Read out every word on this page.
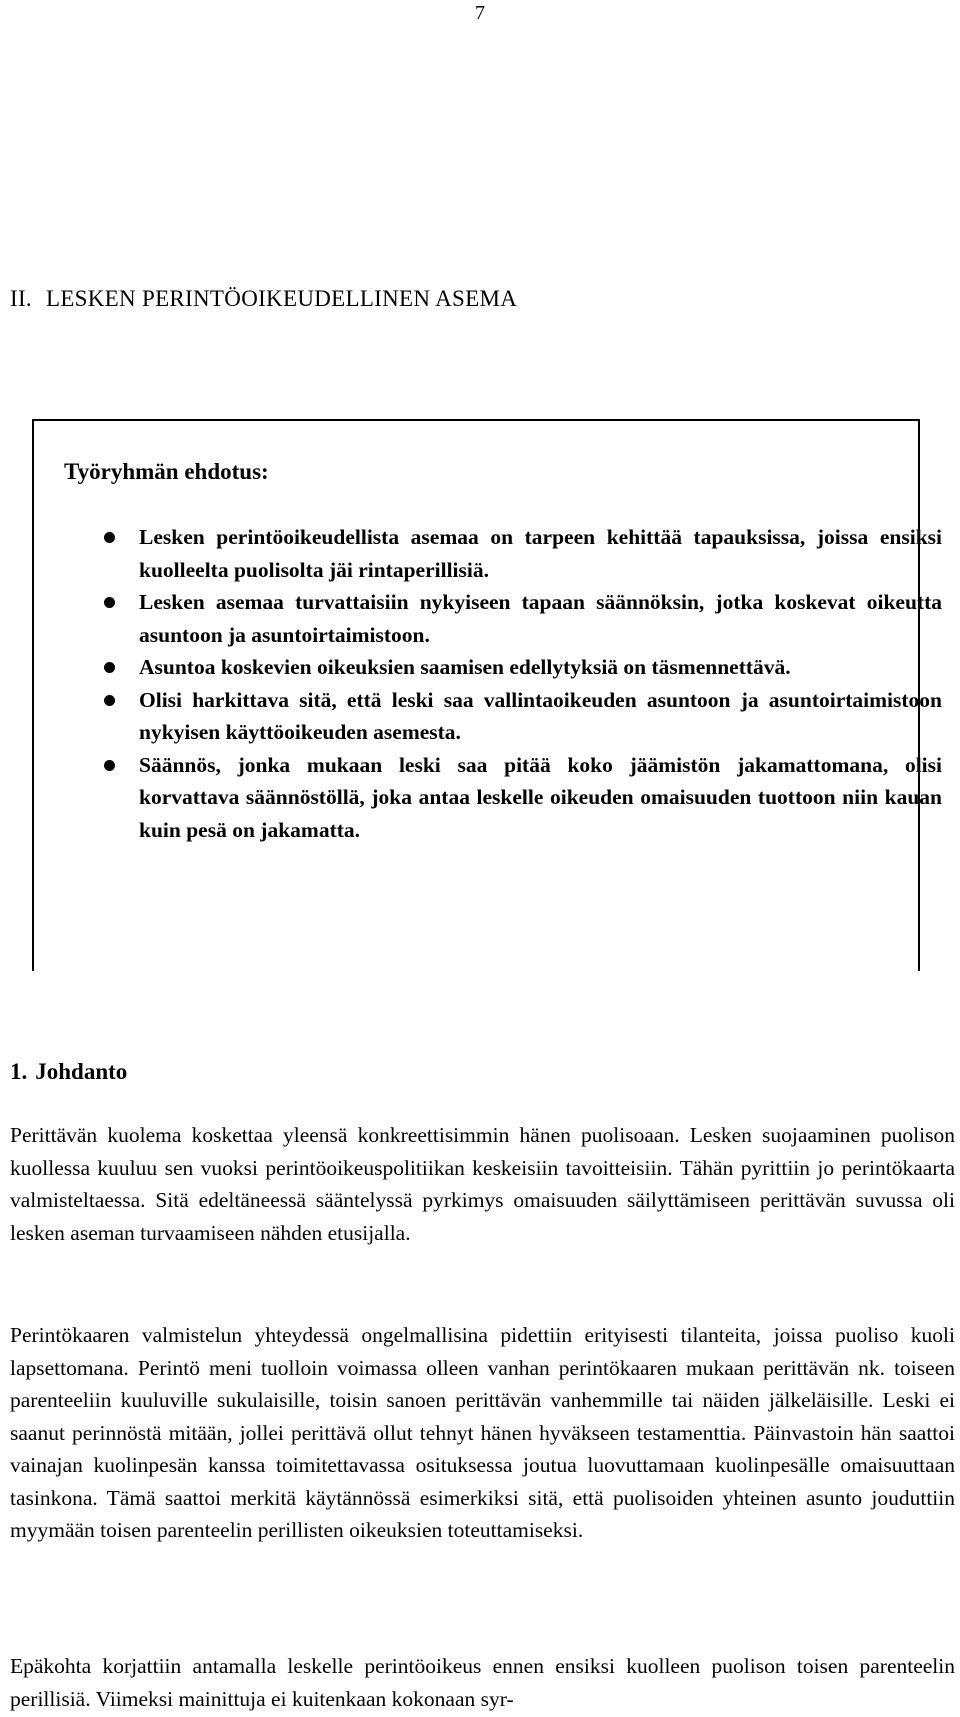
7
II. LESKEN PERINTÖOIKEUDELLINEN ASEMA
Työryhmän ehdotus:
Lesken perintöoikeudellista asemaa on tarpeen kehittää tapauksissa, joissa ensiksi kuolleelta puolisolta jäi rintaperillisiä.
Lesken asemaa turvattaisiin nykyiseen tapaan säännöksin, jotka koskevat oikeutta asuntoon ja asuntoirtaimistoon.
Asuntoa koskevien oikeuksien saamisen edellytyksiä on täsmennettävä.
Olisi harkittava sitä, että leski saa vallintaoikeuden asuntoon ja asuntoirtaimistoon nykyisen käyttöoikeuden asemesta.
Säännös, jonka mukaan leski saa pitää koko jäämistön jakamattomana, olisi korvattava säännöstöllä, joka antaa leskelle oikeuden omaisuuden tuottoon niin kauan kuin pesä on jakamatta.
1. Johdanto

Perittävän kuolema koskettaa yleensä konkreettisimmin hänen puolisoaan. Lesken suojaaminen puolison kuollessa kuuluu sen vuoksi perintöoikeuspolitiikan keskeisiin tavoitteisiin. Tähän pyrittiin jo perintökaarta valmisteltaessa. Sitä edeltäneessä sääntelyssä pyrkimys omaisuuden säilyttämiseen perittävän suvussa oli lesken aseman turvaamiseen nähden etusijalla.

Perintökaaren valmistelun yhteydessä ongelmallisina pidettiin erityisesti tilanteita, joissa puoliso kuoli lapsettomana. Perintö meni tuolloin voimassa olleen vanhan perintökaaren mukaan perittävän nk. toiseen parenteeliin kuuluville sukulaisille, toisin sanoen perittävän vanhemmille tai näiden jälkeläisille. Leski ei saanut perinnöstä mitään, jollei perittävä ollut tehnyt hänen hyväkseen testamenttia. Päinvastoin hän saattoi vainajan kuolinpesän kanssa toimitettavassa osituksessa joutua luovuttamaan kuolinpesälle omaisuuttaan tasinkona. Tämä saattoi merkitä käytännössä esimerkiksi sitä, että puolisoiden yhteinen asunto jouduttiin myymään toisen parenteelin perillisten oikeuksien toteuttamiseksi.

Epäkohta korjattiin antamalla leskelle perintöoikeus ennen ensiksi kuolleen puolison toisen parenteelin perillisiä. Viimeksi mainittuja ei kuitenkaan kokonaan syr-
